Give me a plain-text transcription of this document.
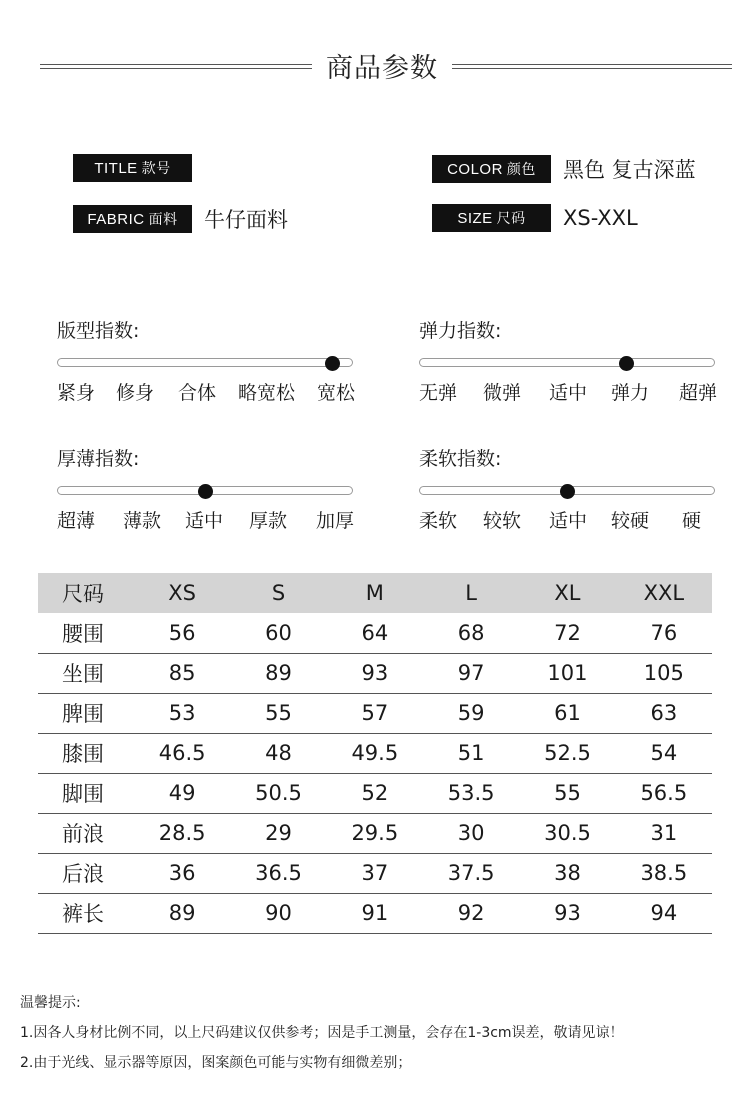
商品参数
TITLE 款号
FABRIC 面料 牛仔面料
COLOR 颜色 黑色 复古深蓝
SIZE 尺码 XS-XXL
版型指数:
紧身 修身 合体 略宽松 宽松
弹力指数:
无弹 微弹 适中 弹力 超弹
厚薄指数:
超薄 薄款 适中 厚款 加厚
柔软指数:
柔软 较软 适中 较硬 硬
尺码	XS	S	M	L	XL	XXL
腰围	56	60	64	68	72	76
坐围	85	89	93	97	101	105
脾围	53	55	57	59	61	63
膝围	46.5	48	49.5	51	52.5	54
脚围	49	50.5	52	53.5	55	56.5
前浪	28.5	29	29.5	30	30.5	31
后浪	36	36.5	37	37.5	38	38.5
裤长	89	90	91	92	93	94
温馨提示:
1.因各人身材比例不同，以上尺码建议仅供参考；因是手工测量，会存在1-3cm误差，敬请见谅！
2.由于光线、显示器等原因，图案颜色可能与实物有细微差别；
